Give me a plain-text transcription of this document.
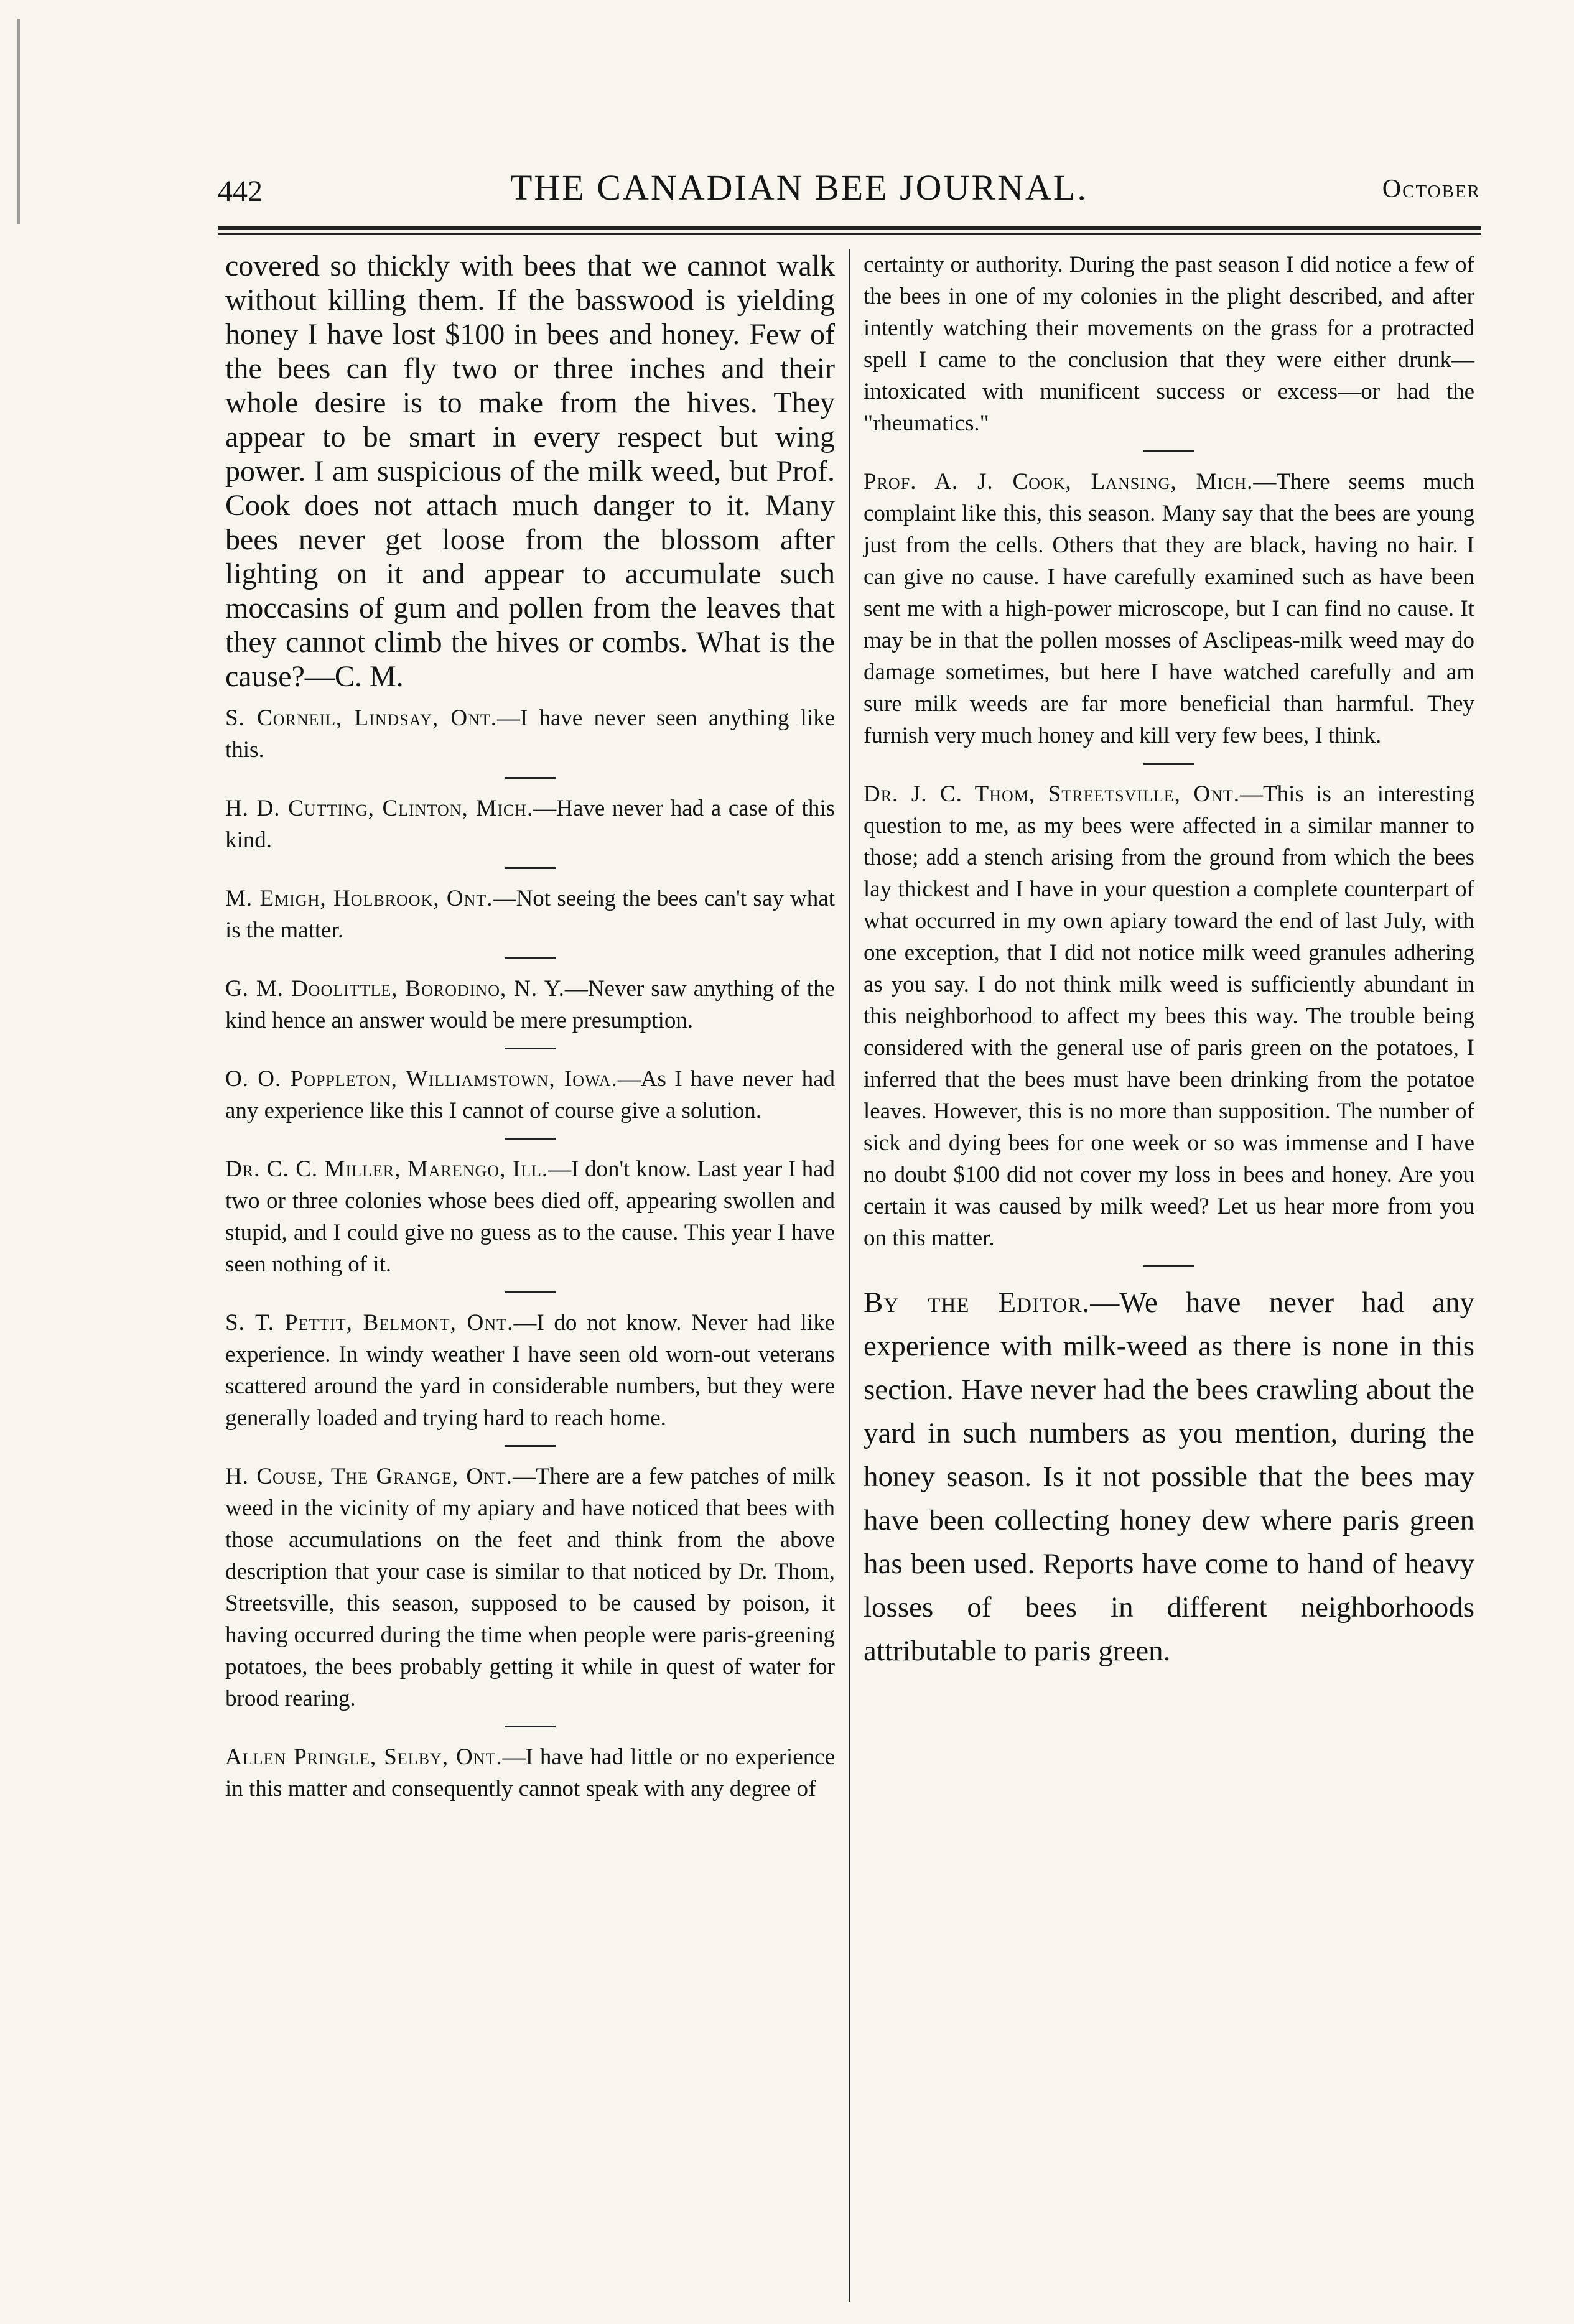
442	THE CANADIAN BEE JOURNAL.	October

covered so thickly with bees that we cannot walk without killing them. If the basswood is yielding honey I have lost $100 in bees and honey. Few of the bees can fly two or three inches and their whole desire is to make from the hives. They appear to be smart in every respect but wing power. I am suspicious of the milk weed, but Prof. Cook does not attach much danger to it. Many bees never get loose from the blossom after lighting on it and appear to accumulate such moccasins of gum and pollen from the leaves that they cannot climb the hives or combs. What is the cause?—C. M.

S. Corneil, Lindsay, Ont.—I have never seen anything like this.

H. D. Cutting, Clinton, Mich.—Have never had a case of this kind.

M. Emigh, Holbrook, Ont.—Not seeing the bees can't say what is the matter.

G. M. Doolittle, Borodino, N. Y.—Never saw anything of the kind hence an answer would be mere presumption.

O. O. Poppleton, Williamstown, Iowa.—As I have never had any experience like this I cannot of course give a solution.

Dr. C. C. Miller, Marengo, Ill.—I don't know. Last year I had two or three colonies whose bees died off, appearing swollen and stupid, and I could give no guess as to the cause. This year I have seen nothing of it.

S. T. Pettit, Belmont, Ont.—I do not know. Never had like experience. In windy weather I have seen old worn-out veterans scattered around the yard in considerable numbers, but they were generally loaded and trying hard to reach home.

H. Couse, The Grange, Ont.—There are a few patches of milk weed in the vicinity of my apiary and have noticed that bees with those accumulations on the feet and think from the above description that your case is similar to that noticed by Dr. Thom, Streetsville, this season, supposed to be caused by poison, it having occurred during the time when people were paris-greening potatoes, the bees probably getting it while in quest of water for brood rearing.

Allen Pringle, Selby, Ont.—I have had little or no experience in this matter and consequently cannot speak with any degree of

certainty or authority. During the past season I did notice a few of the bees in one of my colonies in the plight described, and after intently watching their movements on the grass for a protracted spell I came to the conclusion that they were either drunk—intoxicated with munificent success or excess—or had the "rheumatics."

Prof. A. J. Cook, Lansing, Mich.—There seems much complaint like this, this season. Many say that the bees are young just from the cells. Others that they are black, having no hair. I can give no cause. I have carefully examined such as have been sent me with a high-power microscope, but I can find no cause. It may be in that the pollen mosses of Asclipeas-milk weed may do damage sometimes, but here I have watched carefully and am sure milk weeds are far more beneficial than harmful. They furnish very much honey and kill very few bees, I think.

Dr. J. C. Thom, Streetsville, Ont.—This is an interesting question to me, as my bees were affected in a similar manner to those; add a stench arising from the ground from which the bees lay thickest and I have in your question a complete counterpart of what occurred in my own apiary toward the end of last July, with one exception, that I did not notice milk weed granules adhering as you say. I do not think milk weed is sufficiently abundant in this neighborhood to affect my bees this way. The trouble being considered with the general use of paris green on the potatoes, I inferred that the bees must have been drinking from the potatoe leaves. However, this is no more than supposition. The number of sick and dying bees for one week or so was immense and I have no doubt $100 did not cover my loss in bees and honey. Are you certain it was caused by milk weed? Let us hear more from you on this matter.

By the Editor.—We have never had any experience with milk-weed as there is none in this section. Have never had the bees crawling about the yard in such numbers as you mention, during the honey season. Is it not possible that the bees may have been collecting honey dew where paris green has been used. Reports have come to hand of heavy losses of bees in different neighborhoods attributable to paris green.
